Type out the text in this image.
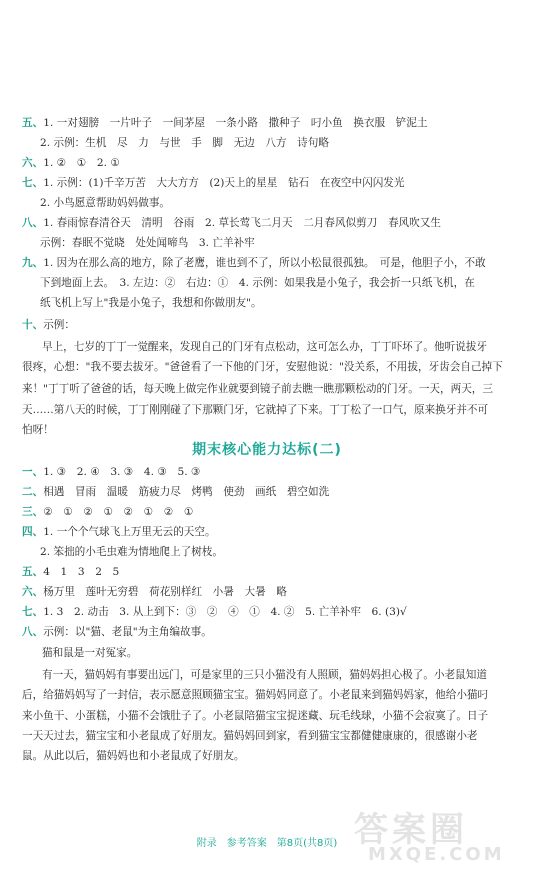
五、1. 一对翅膀　一片叶子　一间茅屋　一条小路　撒种子　叼小鱼　换衣服　铲泥土
2. 示例：生机　尽　力　与世　手　脚　无边　八方　诗句略
六、1. ②　①　2. ①
七、1. 示例：(1)千辛万苦　大大方方　(2)天上的星星　钻石　在夜空中闪闪发光
2. 小鸟愿意帮助妈妈做事。
八、1. 春雨惊春清谷天　清明　谷雨　2. 草长莺飞二月天　二月春风似剪刀　春风吹又生
示例：春眠不觉晓　处处闻啼鸟　3. 亡羊补牢
九、1. 因为在那么高的地方，除了老鹰，谁也到不了，所以小松鼠很孤独。　可是，他胆子小，不敢
下到地面上去。　3. 左边：②　右边：①　4. 示例：如果我是小兔子，我会折一只纸飞机，在
纸飞机上写上"我是小兔子，我想和你做朋友"。
十、示例：
早上，七岁的丁丁一觉醒来，发现自己的门牙有点松动，这可怎么办，丁丁吓坏了。他听说拔牙
很疼，心想："我不要去拔牙。"爸爸看了一下他的门牙，安慰他说："没关系，不用拔，牙齿会自己掉下
来！"丁丁听了爸爸的话，每天晚上做完作业就要到镜子前去瞧一瞧那颗松动的门牙。一天，两天，三
天……第八天的时候，丁丁刚刚碰了下那颗门牙，它就掉了下来。丁丁松了一口气，原来换牙并不可
怕呀！
期末核心能力达标(二)
一、1. ③　2. ④　3. ③　4. ③　5. ③
二、相遇　冒雨　温暖　筋疲力尽　烤鸭　使劲　画纸　碧空如洗
三、②　①　②　①　②　①　②　①
四、1. 一个个气球飞上万里无云的天空。
2. 笨拙的小毛虫难为情地爬上了树枝。
五、4　1　3　2　5
六、杨万里　莲叶无穷碧　荷花别样红　小暑　大暑　略
七、1. 3　2. 动击　3. 从上到下：③　②　④　①　4. ②　5. 亡羊补牢　6. (3)√
八、示例：以"猫、老鼠"为主角编故事。
猫和鼠是一对冤家。
有一天，猫妈妈有事要出远门，可是家里的三只小猫没有人照顾，猫妈妈担心极了。小老鼠知道
后，给猫妈妈写了一封信，表示愿意照顾猫宝宝。猫妈妈同意了。小老鼠来到猫妈妈家，他给小猫叼
来小鱼干、小蛋糕，小猫不会饿肚子了。小老鼠陪猫宝宝捉迷藏、玩毛线球，小猫不会寂寞了。日子
一天天过去，猫宝宝和小老鼠成了好朋友。猫妈妈回到家，看到猫宝宝都健健康康的，很感谢小老
鼠。从此以后，猫妈妈也和小老鼠成了好朋友。
附录　参考答案　第8页(共8页) 答案圈
MXQE.COM
